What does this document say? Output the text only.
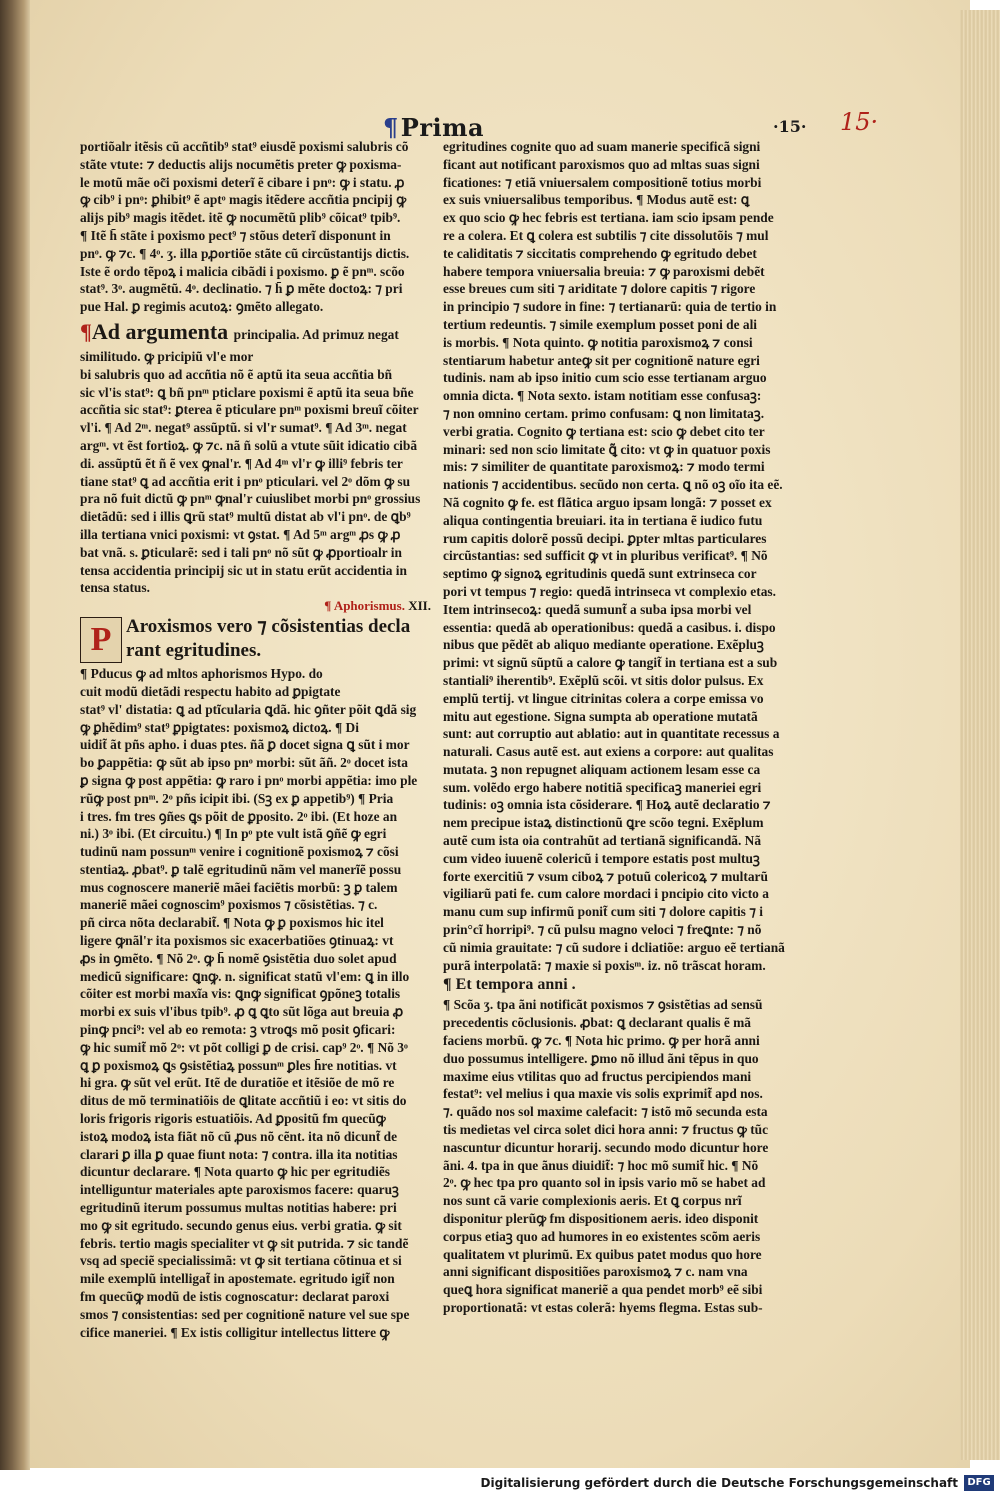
¶Prima	·15· 15·
portiõalr itẽsis cũ accñtib⁹ stat⁹ eiusdẽ poxismi salubris cõ
stãte vtute: ⁊ deductis alijs nocumẽtis preter ꝙ poxisma-
le motũ mãe oc̃i poxismi deterĩ ẽ cibare i pnᵒ: ꝙ i statu. ꝓ
ꝙ cib⁹ i pnᵒ: ꝑhibit⁹ ẽ aptᵒ magis itẽdere accñtia pncipij ꝙ
alijs pib⁹ magis itẽdet. itẽ ꝙ nocumẽtũ plib⁹ cõicat⁹ tpib⁹.
¶ Itẽ h̄ stãte i poxismo pect⁹ ⁊ stõus deterĩ disponunt in
pnᵒ. ꝙ ⁊c. ¶ 4ᵒ. ʒ. illa pꝓortiõe stãte cũ circũstantijs dictis.
Iste ẽ ordo tẽpoꝝ i malicia cibãdi i poxismo. ꝑ ẽ pnᵐ. scõo
stat⁹. 3ᵒ. augmẽtũ. 4ᵒ. declinatio. ⁊ h̄ ꝑ mẽte doctoꝝ: ⁊ pri
pue Hal. ꝑ regimis acutoꝝ: ꝯmẽto allegato.
¶Ad argumenta principalia. Ad primuz negat
similitudo. ꝙ pricipiũ vl'e mor
bi salubris quo ad accñtia nõ ẽ aptũ ita seua accñtia bñ
sic vl'is stat⁹: ꝗ bñ pnᵐ pticlare poxismi ẽ aptũ ita seua bñe
accñtia sic stat⁹: ꝑterea ẽ pticulare pnᵐ poxismi breuĩ cõiter
vl'i. ¶ Ad 2ᵐ. negat⁹ assũptũ. si vl'r sumat⁹. ¶ Ad 3ᵐ. negat
argᵐ. vt ẽst fortioꝝ. ꝙ ⁊c. nã ñ solũ a vtute sũit idicatio cibã
di. assũptũ ẽt ñ ẽ vex ꝙnal'r. ¶ Ad 4ᵐ vl'r ꝙ illi⁹ febris ter
tiane stat⁹ ꝗ ad accñtia erit i pnᵒ pticulari. vel 2ᵒ dõm ꝙ su
pra nõ fuit dictũ ꝙ pnᵐ ꝙnal'r cuiuslibet morbi pnᵒ grossius
dietãdũ: sed i illis ꝗrũ stat⁹ multũ distat ab vl'i pnᵒ. de ꝗb⁹
illa tertiana vnici poxismi: vt ꝯstat. ¶ Ad 5ᵐ argᵐ ꝓs ꝙ ꝓ
bat vnã. s. ꝑticularẽ: sed i tali pnᵒ nõ sũt ꝙ ꝓportioalr in
tensa accidentia principij sic ut in statu erũt accidentia in
tensa status.
¶ Aphorismus. XII.
P Aroxismos vero ⁊ cõsistentias decla
rant egritudines.
¶ Pducus ꝙ ad mltos aphorismos Hypo. do
cuit modũ dietãdi respectu habito ad ꝑpigtate
stat⁹ vl' distatia: ꝗ ad ptĩcularia ꝗdã. hic ꝯñter põit ꝗdã sig
ꝙ ꝑhẽdim⁹ stat⁹ ꝑpigtates: poxismoꝝ dictoꝝ. ¶ Di
uidit̃ ãt pñs apho. i duas ptes. ñã ꝑ docet signa ꝗ sũt i mor
bo ꝑappẽtia: ꝙ sũt ab ipso pnᵒ morbi: sũt ãñ. 2ᵒ docet ista
ꝑ signa ꝙ post appẽtia: ꝙ raro i pnᵒ morbi appẽtia: imo ple
rũꝙ post pnᵐ. 2ᵒ pñs icipit ibi. (Sꝫ ex ꝑ appetib⁹) ¶ Pria
i tres. fm tres ꝯñes ꝗs põit de ꝑposito. 2ᵒ ibi. (Et hoze an
ni.) 3ᵒ ibi. (Et circuitu.) ¶ In pᵒ pte vult istã ꝯñẽ ꝙ egri
tudinũ nam possunᵐ venire i cognitionẽ poxismoꝝ ⁊ cõsi
stentiaꝝ. ꝓbat⁹. ꝑ talẽ egritudinũ nãm vel manerĩẽ possu
mus cognoscere maneriẽ mãei faciẽtis morbũ: ꝫ ꝑ talem
maneriẽ mãei cognoscim⁹ poxismos ⁊ cõsistẽtias. ⁊ c.
pñ circa nõta declarabit̃. ¶ Nota ꝙ ꝑ poxismos hic itel
ligere ꝙnãl'r ita poxismos sic exacerbatiões ꝯtinuaꝝ: vt
ꝓs in ꝯmẽto. ¶ Nõ 2ᵒ. ꝙ h̄ nomẽ ꝯsistẽtia duo solet apud
medicũ significare: ꝗnꝙ. n. significat statũ vl'em: ꝗ in illo
cõiter est morbi maxĩa vis: ꝗnꝙ significat ꝯpõneꝫ totalis
morbi ex suis vl'ibus tpib⁹. ꝓ ꝗ ꝗto sũt lõga aut breuia ꝓ
pinꝙ pnci⁹: vel ab eo remota: ꝫ vtroꝗs mõ posit ꝯficari:
ꝙ hic sumit̃ mõ 2ᵒ: vt põt colligi ꝑ de crisi. cap⁹ 2ᵒ. ¶ Nõ 3ᵒ
ꝗ ꝑ poxismoꝝ ꝗs ꝯsistẽtiaꝝ possunᵐ ꝑles h̄re notitias. vt
hi gra. ꝙ sũt vel erũt. Itẽ de duratiõe et itẽsiõe de mõ re
ditus de mõ terminatiõis de ꝗlitate accñtiũ i eo: vt sitis do
loris frigoris rigoris estuatiõis. Ad ꝑpositũ fm quecũꝙ
istoꝝ modoꝝ ista fiãt nõ cũ ꝓus nõ cẽnt. ita nõ dicunt̃ de
clarari ꝑ illa ꝑ quae fiunt nota: ⁊ contra. illa ita notitias
dicuntur declarare. ¶ Nota quarto ꝙ hic per egritudiẽs
intelliguntur materiales apte paroxismos facere: quaruꝫ
egritudinũ iterum possumus multas notitias habere: pri
mo ꝙ sit egritudo. secundo genus eius. verbi gratia. ꝙ sit
febris. tertio magis specialiter vt ꝙ sit putrida. ⁊ sic tandẽ
vsq ad speciẽ specialissimã: vt ꝙ sit tertiana cõtinua et si
mile exemplũ intelligat̃ in apostemate. egritudo igit̃ non
fm quecũꝙ modũ de istis cognoscatur: declarat paroxi
smos ⁊ consistentias: sed per cognitionẽ nature vel sue spe
cifice maneriei. ¶ Ex istis colligitur intellectus littere ꝙ
egritudines cognite quo ad suam manerie specificã signi
ficant aut notificant paroxismos quo ad mltas suas signi
ficationes: ⁊ etiã vniuersalem compositionẽ totius morbi
ex suis vniuersalibus temporibus. ¶ Modus autẽ est: ꝗ
ex quo scio ꝙ hec febris est tertiana. iam scio ipsam pende
re a colera. Et ꝗ colera est subtilis ⁊ cite dissolutõis ⁊ mul
te caliditatis ⁊ siccitatis comprehendo ꝙ egritudo debet
habere tempora vniuersalia breuia: ⁊ ꝙ paroxismi debẽt
esse breues cum siti ⁊ ariditate ⁊ dolore capitis ⁊ rigore
in principio ⁊ sudore in fine: ⁊ tertianarũ: quia de tertio in
tertium redeuntis. ⁊ simile exemplum posset poni de ali
is morbis. ¶ Nota quinto. ꝙ notitia paroxismoꝝ ⁊ consi
stentiarum habetur anteꝙ sit per cognitionẽ nature egri
tudinis. nam ab ipso initio cum scio esse tertianam arguo
omnia dicta. ¶ Nota sexto. istam notitiam esse confusaꝫ:
⁊ non omnino certam. primo confusam: ꝗ non limitataꝫ.
verbi gratia. Cognito ꝙ tertiana est: scio ꝙ debet cito ter
minari: sed non scio limitate ꝗ̃ cito: vt ꝙ in quatuor poxis
mis: ⁊ similiter de quantitate paroxismoꝝ: ⁊ modo termi
nationis ⁊ accidentibus. secũdo non certa. ꝗ nõ oꝫ oĩo ita eẽ.
Nã cognito ꝙ fe. est flãtica arguo ipsam longã: ⁊ posset ex
aliqua contingentia breuiari. ita in tertiana ẽ iudico futu
rum capitis dolorẽ possũ decipi. ꝑpter mltas particulares
circũstantias: sed sufficit ꝙ vt in pluribus verificat⁹. ¶ Nõ
septimo ꝙ signoꝝ egritudinis quedã sunt extrinseca cor
pori vt tempus ⁊ regio: quedã intrinseca vt complexio etas.
Item intrinsecoꝝ: quedã sumunt̃ a suba ipsa morbi vel
essentia: quedã ab operationibus: quedã a casibus. i. dispo
nibus que pẽdẽt ab aliquo mediante operatione. Exẽpluꝫ
primi: vt signũ sũptũ a calore ꝙ tangit̃ in tertiana est a sub
stantiali⁹ iherentib⁹. Exẽplũ scõi. vt sitis dolor pulsus. Ex
emplũ tertij. vt lingue citrinitas colera a corpe emissa vo
mitu aut egestione. Signa sumpta ab operatione mutatã
sunt: aut corruptio aut ablatio: aut in quantitate recessus a
naturali. Casus autẽ est. aut exiens a corpore: aut qualitas
mutata. ꝫ non repugnet aliquam actionem lesam esse ca
sum. volẽdo ergo habere notitiã specificaꝫ maneriei egri
tudinis: oꝫ omnia ista cõsiderare. ¶ Hoꝝ autẽ declaratio ⁊
nem precipue istaꝝ distinctionũ ꝗre scõo tegni. Exẽplum
autẽ cum ista oia contrahũt ad tertianã significandã. Nã
cum video iuuenẽ colericũ i tempore estatis post multuꝫ
forte exercitiũ ⁊ vsum ciboꝝ ⁊ potuũ colericoꝝ ⁊ multarũ
vigiliarũ pati fe. cum calore mordaci i pncipio cito victo a
manu cum sup infirmũ ponit̃ cum siti ⁊ dolore capitis ⁊ i
prin°cĩ horripi⁹. ⁊ cũ pulsu magno veloci ⁊ freꝗnte: ⁊ nõ
cũ nimia grauitate: ⁊ cũ sudore i dcliatiõe: arguo eẽ tertianã
purã interpolatã: ⁊ maxie si poxisᵐ. iz. nõ trãscat horam.
¶ Et tempora anni .
¶ Scõa ʒ. tpa ãni notificãt poxismos ⁊ ꝯsistẽtias ad sensũ
precedentis cõclusionis. ꝓbat: ꝗ declarant qualis ẽ mã
faciens morbũ. ꝙ ⁊c. ¶ Nota hic primo. ꝙ per horã anni
duo possumus intelligere. ꝑmo nõ illud ãni tẽpus in quo
maxime eius vtilitas quo ad fructus percipiendos mani
festat⁹: vel melius i qua maxie vis solis exprimit̃ apd nos.
⁊. quãdo nos sol maxime calefacit: ⁊ istõ mõ secunda esta
tis medietas vel circa solet dici hora anni: ⁊ fructus ꝙ tũc
nascuntur dicuntur horarij. secundo modo dicuntur hore
ãni. 4. tpa in que ãnus diuidit̃: ⁊ hoc mõ sumit̃ hic. ¶ Nõ
2ᵒ. ꝙ hec tpa pro quanto sol in ipsis vario mõ se habet ad
nos sunt cã varie complexionis aeris. Et ꝗ corpus nrĩ
disponitur plerũꝙ fm dispositionem aeris. ideo disponit
corpus etiaꝫ quo ad humores in eo existentes scõm aeris
qualitatem vt plurimũ. Ex quibus patet modus quo hore
anni significant dispositiões paroxismoꝝ ⁊ c. nam vna
queꝗ hora significat maneriẽ a qua pendet morb⁹ eẽ sibi
proportionatã: vt estas colerã: hyems flegma. Estas sub-
Digitalisierung gefördert durch die Deutsche Forschungsgemeinschaft DFG
